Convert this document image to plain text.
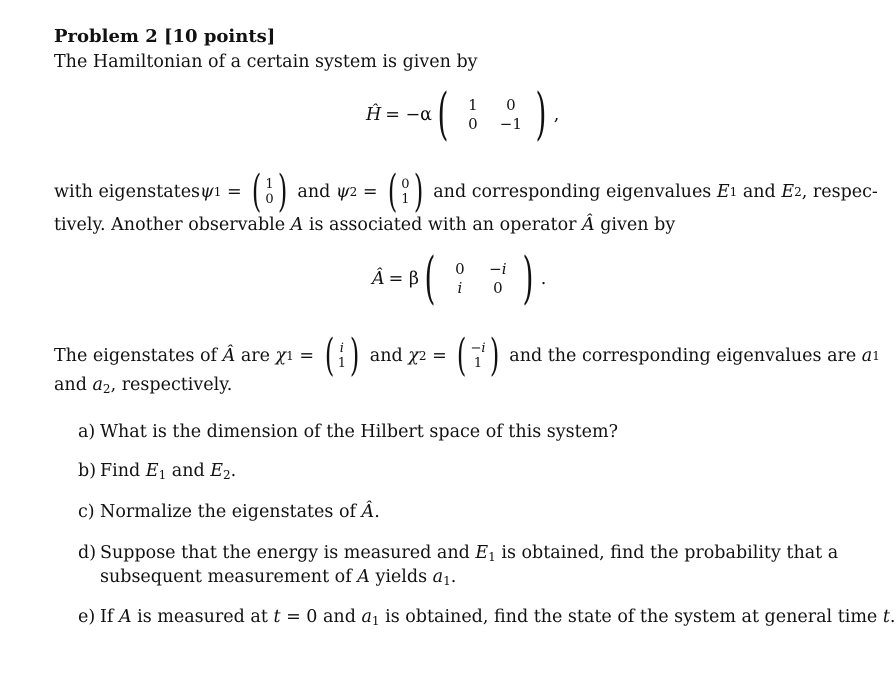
Problem 2 [10 points]
The Hamiltonian of a certain system is given by
Ĥ = −α (	1	0
0	−1 ) ,
with eigenstates ψ 1 = ( 1
0 ) and ψ 2 = ( 0
1 ) and corresponding eigenvalues E 1 and E 2 , respec-
tively. Another observable A is associated with an operator Â given by
Â = β (	0	−i
i	0 ) .
The eigenstates of Â are χ 1 = ( i
1 ) and χ 2 = ( −i
1 ) and the corresponding eigenvalues are a 1
and $a_2$, respectively.
a) What is the dimension of the Hilbert space of this system?
b) Find $E_1$ and $E_2$.
c) Normalize the eigenstates of Â.
d) Suppose that the energy is measured and $E_1$ is obtained, find the probability that a
subsequent measurement of A yields $a_1$.
e) If A is measured at t = 0 and $a_1$ is obtained, find the state of the system at general time t.
